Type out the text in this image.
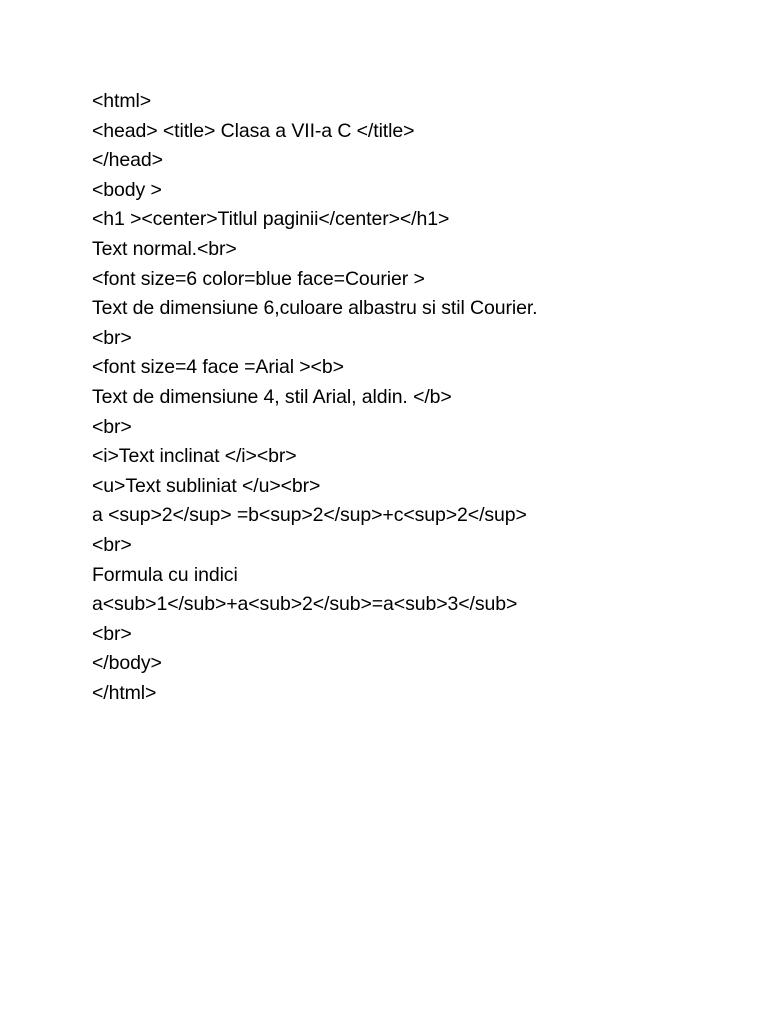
<html>
<head> <title> Clasa a VII-a C </title>
</head>
<body >
<h1 ><center>Titlul paginii</center></h1>
Text normal.<br>
<font size=6 color=blue face=Courier >
Text de dimensiune 6,culoare albastru si stil Courier.
<br>
<font size=4 face =Arial ><b>
Text de dimensiune 4, stil Arial, aldin. </b>
<br>
<i>Text inclinat </i><br>
<u>Text subliniat </u><br>
a <sup>2</sup> =b<sup>2</sup>+c<sup>2</sup>
<br>
Formula cu indici
a<sub>1</sub>+a<sub>2</sub>=a<sub>3</sub>
<br>
</body>
</html>
